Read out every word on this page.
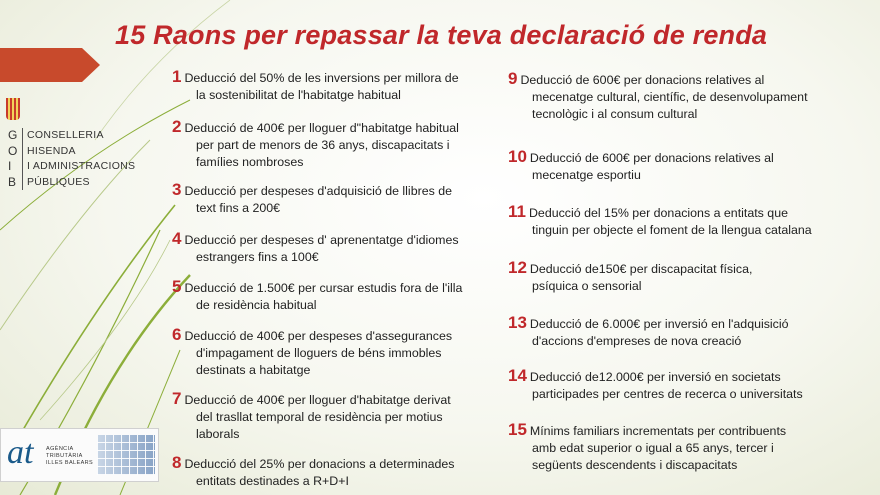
15 Raons per repassar la teva declaració de renda
G
O
I
B
CONSELLERIA
HISENDA
I ADMINISTRACIONS
PÚBLIQUES
at AGÈNCIA
TRIBUTÀRIA
ILLES BALEARS
1 Deducció del 50% de les inversions per millora de
la sostenibilitat de l'habitatge habitual
2 Deducció de 400€ per lloguer d"habitatge habitual
per part de menors de 36 anys, discapacitats i
famílies nombroses
3 Deducció per despeses d'adquisició de llibres de
text fins a 200€
4 Deducció per despeses d' aprenentatge d'idiomes
estrangers fins a 100€
5 Deducció de 1.500€ per cursar estudis fora de l'illa
de residència habitual
6 Deducció de 400€ per despeses d'assegurances
d'impagament de lloguers de béns immobles
destinats a habitatge
7 Deducció de 400€ per lloguer d'habitatge derivat
del trasllat temporal de residència per motius
laborals
8 Deducció del 25% per donacions a determinades
entitats destinades a R+D+I
9 Deducció de 600€ per donacions relatives al
mecenatge cultural, científic, de desenvolupament
tecnològic i al consum cultural
10 Deducció de 600€ per donacions relatives al
mecenatge esportiu
11 Deducció del 15% per donacions a entitats que
tinguin per objecte el foment de la llengua catalana
12 Deducció de150€ per discapacitat física,
psíquica o sensorial
13 Deducció de 6.000€ per inversió en l'adquisició
d'accions d'empreses de nova creació
14 Deducció de12.000€ per inversió en societats
participades per centres de recerca o universitats
15 Mínims familiars incrementats per contribuents
amb edat superior o igual a 65 anys, tercer i
següents descendents i discapacitats
